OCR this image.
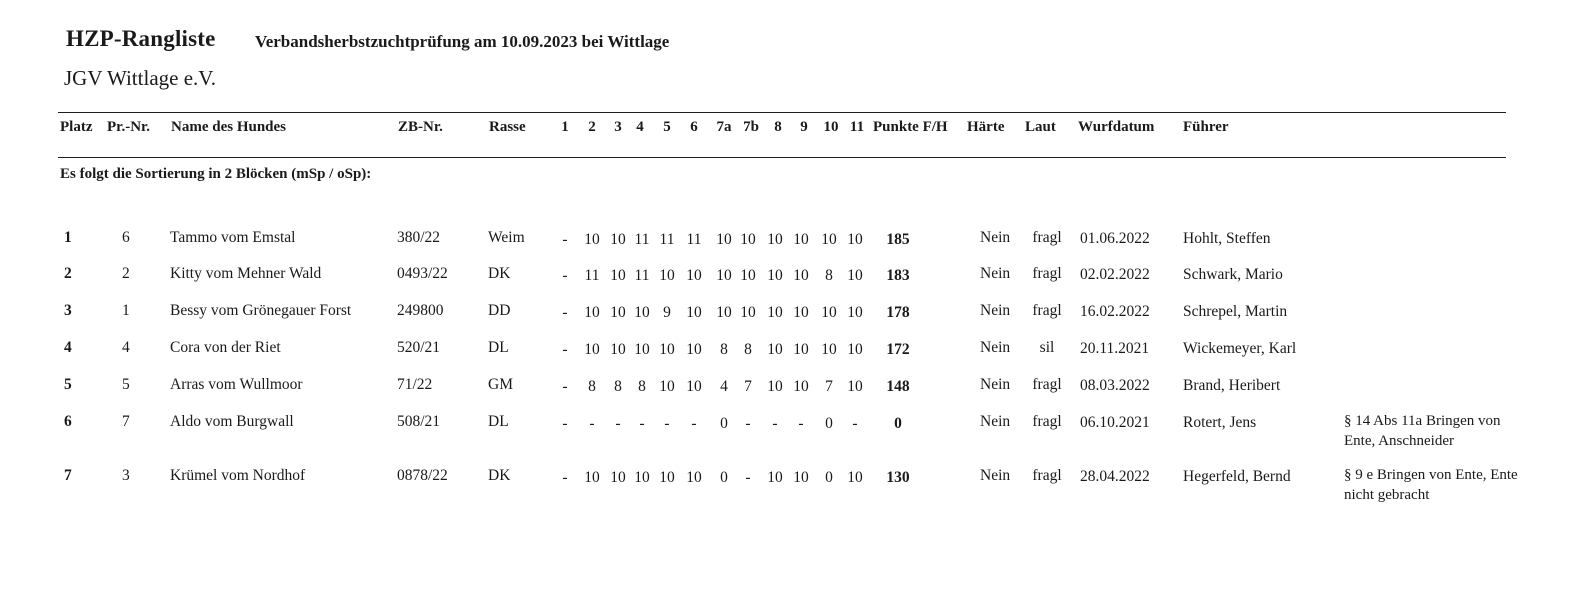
HZP-Rangliste Verbandsherbstzuchtprüfung am 10.09.2023 bei Wittlage
JGV Wittlage e.V.
Platz Pr.-Nr. Name des Hundes	ZB-Nr.	Rasse 1 2 3 4 5 6 7a 7b 8 9 10 11 Punkte F/H Härte Laut Wurfdatum Führer
Es folgt die Sortierung in 2 Blöcken (mSp / oSp):
1	6	Tammo vom Emstal	380/22	Weim - 10 10 11 11 11 10 10 10 10 10 10 185	Nein fragl 01.06.2022 Hohlt, Steffen
2	2	Kitty vom Mehner Wald	0493/22	DK	- 11 10 11 10 10 10 10 10 10 8 10 183	Nein fragl 02.02.2022 Schwark, Mario
3	1	Bessy vom Grönegauer Forst	249800	DD	- 10 10 10 9 10 10 10 10 10 10 10 178	Nein fragl 16.02.2022 Schrepel, Martin
4	4	Cora von der Riet	520/21	DL	- 10 10 10 10 10 8 8 10 10 10 10 172	Nein sil 20.11.2021 Wickemeyer, Karl
5	5	Arras vom Wullmoor	71/22	GM	- 8 8 8 10 10 4 7 10 10 7 10 148	Nein fragl 08.03.2022 Brand, Heribert
6	7	Aldo vom Burgwall	508/21	DL	- - - - - - 0 - - - 0 - 0	Nein fragl 06.10.2021 Rotert, Jens	§ 14 Abs 11a Bringen von Ente, Anschneider
7	3	Krümel vom Nordhof	0878/22	DK	- 10 10 10 10 10 0 - 10 10 0 10 130	Nein fragl 28.04.2022 Hegerfeld, Bernd	§ 9 e Bringen von Ente, Ente nicht gebracht
